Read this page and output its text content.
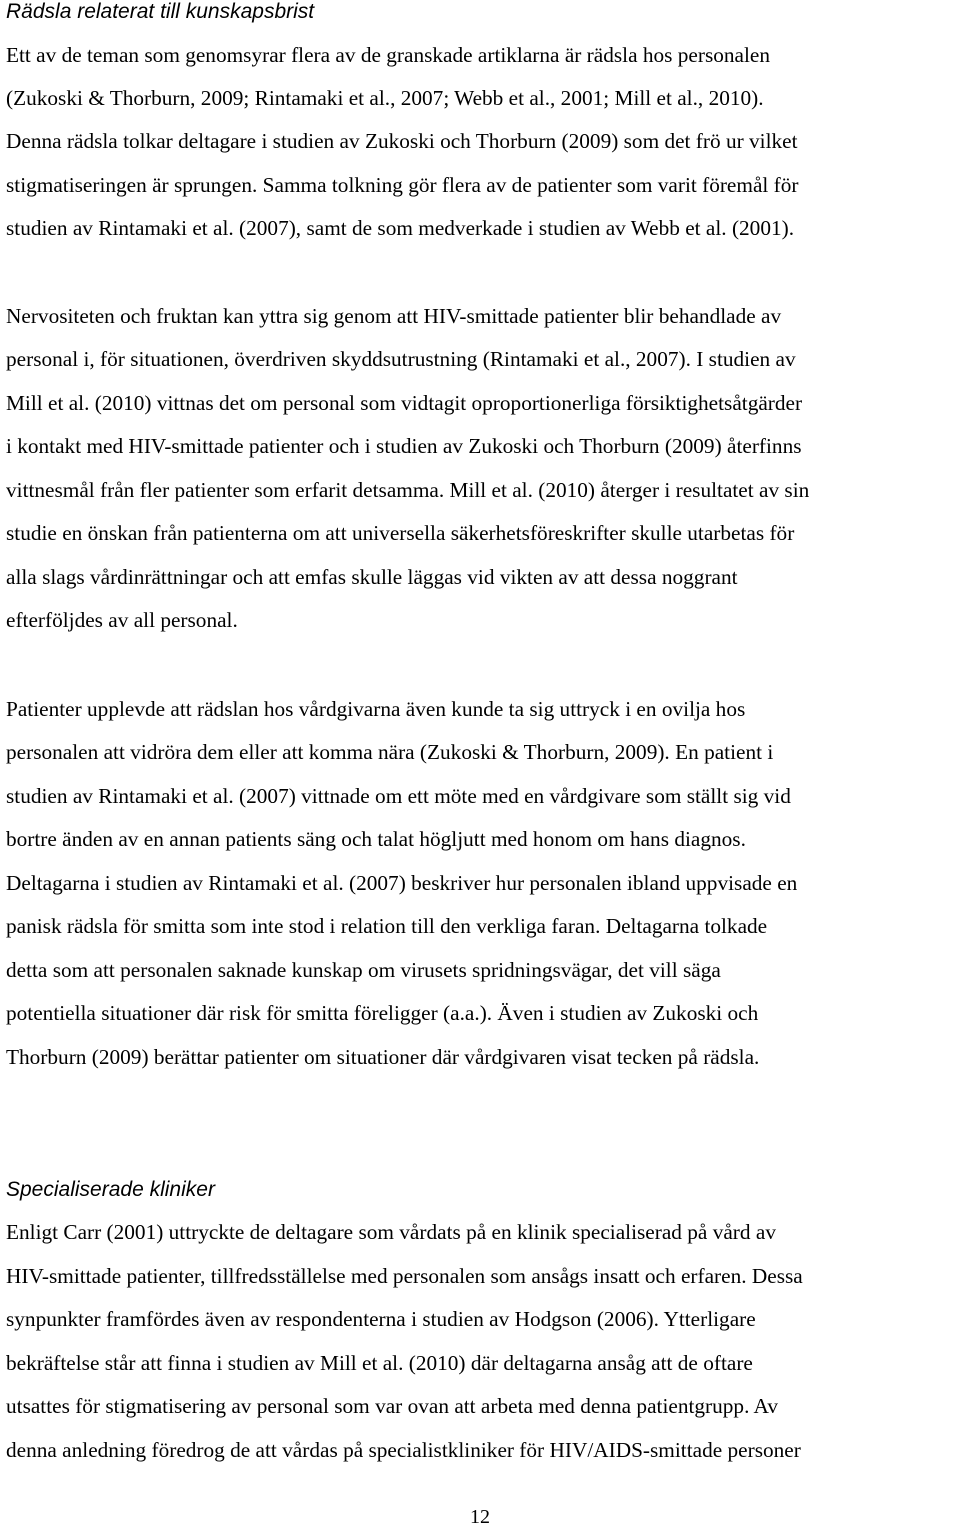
Rädsla relaterat till kunskapsbrist
Ett av de teman som genomsyrar flera av de granskade artiklarna är rädsla hos personalen
(Zukoski & Thorburn, 2009; Rintamaki et al., 2007; Webb et al., 2001; Mill et al., 2010).
Denna rädsla tolkar deltagare i studien av Zukoski och Thorburn (2009) som det frö ur vilket
stigmatiseringen är sprungen. Samma tolkning gör flera av de patienter som varit föremål för
studien av Rintamaki et al. (2007), samt de som medverkade i studien av Webb et al. (2001).
Nervositeten och fruktan kan yttra sig genom att HIV-smittade patienter blir behandlade av
personal i, för situationen, överdriven skyddsutrustning (Rintamaki et al., 2007). I studien av
Mill et al. (2010) vittnas det om personal som vidtagit oproportionerliga försiktighetsåtgärder
i kontakt med HIV-smittade patienter och i studien av Zukoski och Thorburn (2009) återfinns
vittnesmål från fler patienter som erfarit detsamma. Mill et al. (2010) återger i resultatet av sin
studie en önskan från patienterna om att universella säkerhetsföreskrifter skulle utarbetas för
alla slags vårdinrättningar och att emfas skulle läggas vid vikten av att dessa noggrant
efterföljdes av all personal.
Patienter upplevde att rädslan hos vårdgivarna även kunde ta sig uttryck i en ovilja hos
personalen att vidröra dem eller att komma nära (Zukoski & Thorburn, 2009). En patient i
studien av Rintamaki et al. (2007) vittnade om ett möte med en vårdgivare som ställt sig vid
bortre änden av en annan patients säng och talat högljutt med honom om hans diagnos.
Deltagarna i studien av Rintamaki et al. (2007) beskriver hur personalen ibland uppvisade en
panisk rädsla för smitta som inte stod i relation till den verkliga faran. Deltagarna tolkade
detta som att personalen saknade kunskap om virusets spridningsvägar, det vill säga
potentiella situationer där risk för smitta föreligger (a.a.). Även i studien av Zukoski och
Thorburn (2009) berättar patienter om situationer där vårdgivaren visat tecken på rädsla.
Specialiserade kliniker
Enligt Carr (2001) uttryckte de deltagare som vårdats på en klinik specialiserad på vård av
HIV-smittade patienter, tillfredsställelse med personalen som ansågs insatt och erfaren. Dessa
synpunkter framfördes även av respondenterna i studien av Hodgson (2006). Ytterligare
bekräftelse står att finna i studien av Mill et al. (2010) där deltagarna ansåg att de oftare
utsattes för stigmatisering av personal som var ovan att arbeta med denna patientgrupp. Av
denna anledning föredrog de att vårdas på specialistkliniker för HIV/AIDS-smittade personer
12
